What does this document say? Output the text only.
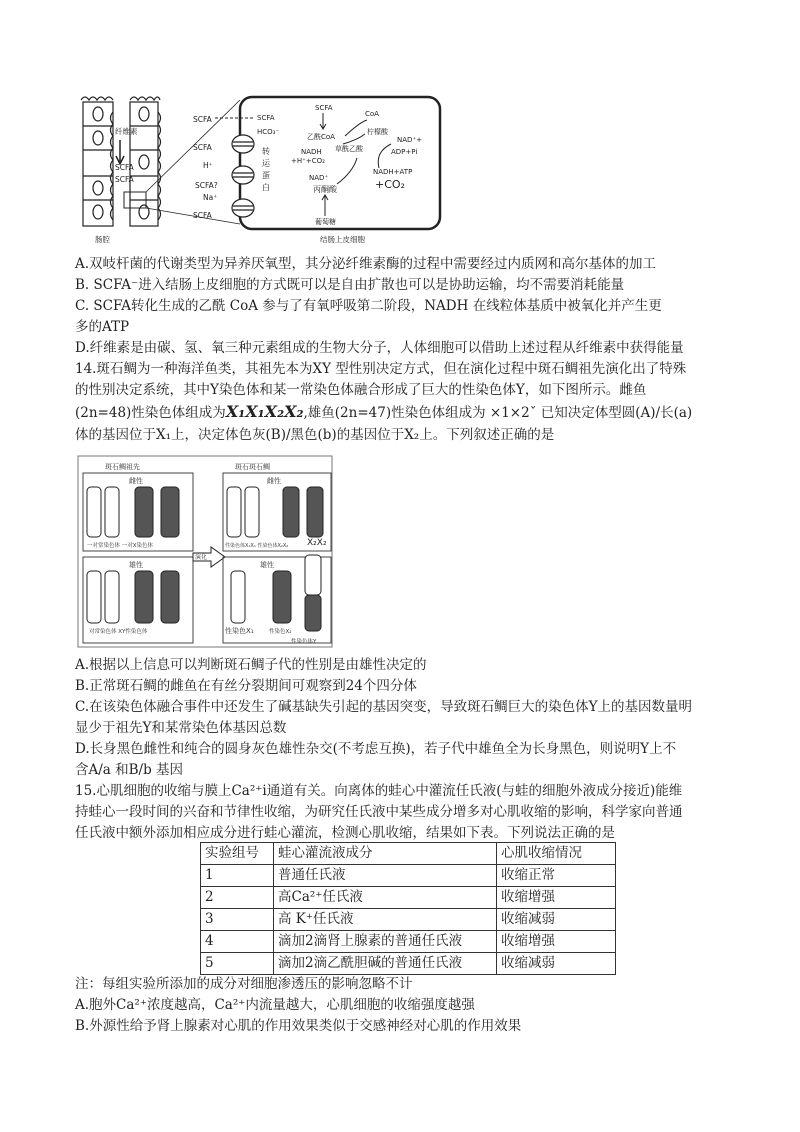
纤维素
SCFA
SCFA
肠腔
SCFA
SCFA
H⁺
SCFA?
Na⁺
SCFA
SCFA
HCO₃⁻
转
运
蛋
白
SCFA
乙酰CoA
CoA
柠檬酸
草酰乙酸
NADH
+H⁺+CO₂
NAD⁺+
ADP+Pi
NADH+ATP
NAD⁺
丙酮酸	+CO₂
葡萄糖
结肠上皮细胞
A.双岐杆菌的代谢类型为异养厌氧型，其分泌纤维素酶的过程中需要经过内质网和高尔基体的加工
B. SCFA⁻进入结肠上皮细胞的方式既可以是自由扩散也可以是协助运输，均不需要消耗能量
C. SCFA转化生成的乙酰 CoA 参与了有氧呼吸第二阶段，NADH 在线粒体基质中被氧化并产生更
多的ATP
D.纤维素是由碳、氢、氧三种元素组成的生物大分子，人体细胞可以借助上述过程从纤维素中获得能量
14.斑石鲷为一种海洋鱼类，其祖先本为XY 型性别决定方式，但在演化过程中斑石鲷祖先演化出了特殊
的性别决定系统，其中Y染色体和某一常染色体融合形成了巨大的性染色体Y，如下图所示。雌鱼
(2n=48)性染色体组成为X₁X₁X₂X₂,雄鱼(2n=47)性染色体组成为 ×1×2ˇ 已知决定体型圆(A)/长(a)
体的基因位于X₁上，决定体色灰(B)/黑色(b)的基因位于X₂上。下列叙述正确的是
斑石鲷祖先	斑石斑石鲷
雌性
一对常染色体 一对X染色体
雄性
对常染色体 XY性染色体
演化
雌性
性染色体X₁X₁ 性染色体X₂X₂ X₂X₂
雄性
性染色X₁	性染色X₂
性染色体Y
A.根据以上信息可以判断斑石鲷子代的性别是由雄性决定的
B.正常斑石鲷的雌鱼在有丝分裂期间可观察到24个四分体
C.在该染色体融合事件中还发生了碱基缺失引起的基因突变，导致斑石鲷巨大的染色体Y上的基因数量明
显少于祖先Y和某常染色体基因总数
D.长身黑色雌性和纯合的圆身灰色雄性杂交(不考虑互换)，若子代中雄鱼全为长身黑色，则说明Y上不
含A/a 和B/b 基因
15.心肌细胞的收缩与膜上Ca²⁺i通道有关。向离体的蛙心中灌流任氏液(与蛙的细胞外液成分接近)能维
持蛙心一段时间的兴奋和节律性收缩，为研究任氏液中某些成分增多对心肌收缩的影响，科学家向普通
任氏液中额外添加相应成分进行蛙心灌流，检测心肌收缩，结果如下表。下列说法正确的是
实验组号	蛙心灌流液成分	心肌收缩情况
1	普通任氏液	收缩正常
2	高Ca²⁺任氏液	收缩增强
3	高 K⁺任氏液	收缩减弱
4	滴加2滴肾上腺素的普通任氏液	收缩增强
5	滴加2滴乙酰胆碱的普通任氏液	收缩减弱
注：每组实验所添加的成分对细胞渗透压的影响忽略不计
A.胞外Ca²⁺浓度越高，Ca²⁺内流量越大，心肌细胞的收缩强度越强
B.外源性给予肾上腺素对心肌的作用效果类似于交感神经对心肌的作用效果
